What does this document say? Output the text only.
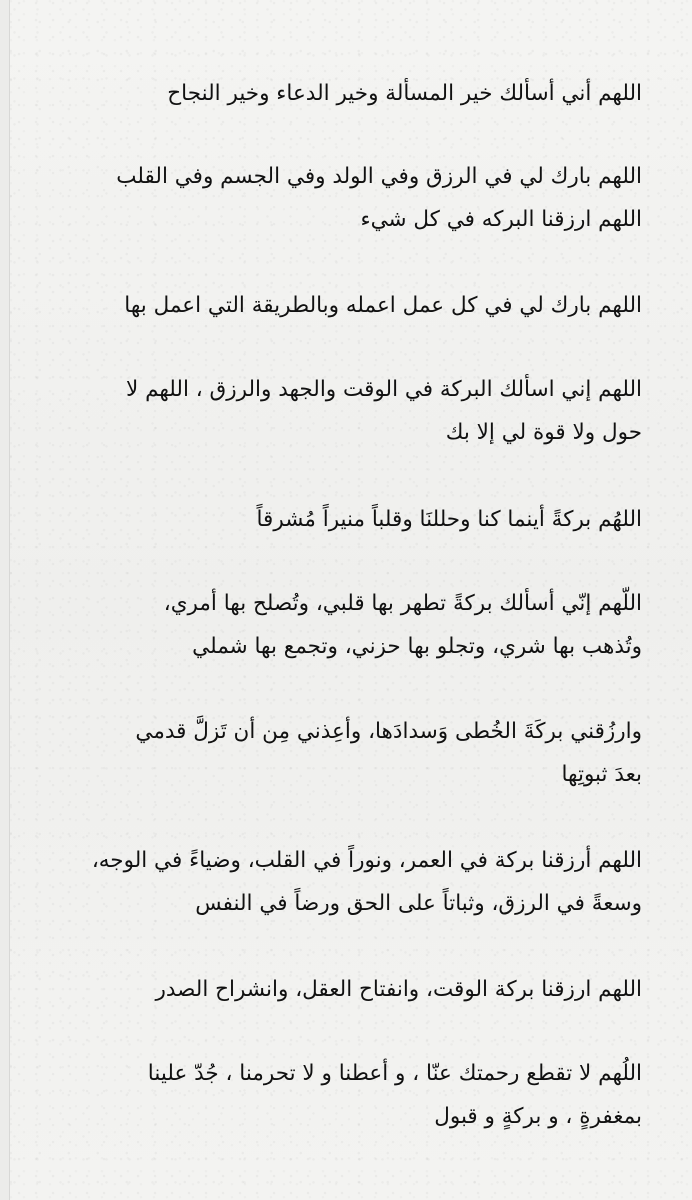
اللهم أني أسألك خير المسألة وخير الدعاء وخير النجاح

اللهم بارك لي في الرزق وفي الولد وفي الجسم وفي القلب
اللهم ارزقنا البركه في كل شيء

اللهم بارك لي في كل عمل اعمله وبالطريقة التي اعمل بها

اللهم إني اسألك البركة في الوقت والجهد والرزق ، اللهم لا
حول ولا قوة لي إلا بك

اللهُم بركةً أينما كنا وحللنَا وقلباً منيراً مُشرقاً

اللّهم إنّي أسألك بركةً تطهر بها قلبي، وتُصلح بها أمري،
وتُذهب بها شري، وتجلو بها حزني، وتجمع بها شملي

وارزُقني بركَةَ الخُطى وَسدادَها، وأعِذني مِن أن تَزلَّ قدمي
بعدَ ثبوتِها

اللهم أرزقنا بركة في العمر، ونوراً في القلب، وضياءً في الوجه،
وسعةً في الرزق، وثباتاً على الحق ورضاً في النفس

اللهم ارزقنا بركة الوقت، وانفتاح العقل، وانشراح الصدر

اللُهم لا تقطع رحمتك عنّا ، و أعطنا و لا تحرمنا ، جُدّ علينا
بمغفرةٍ ، و بركةٍ و قبول
